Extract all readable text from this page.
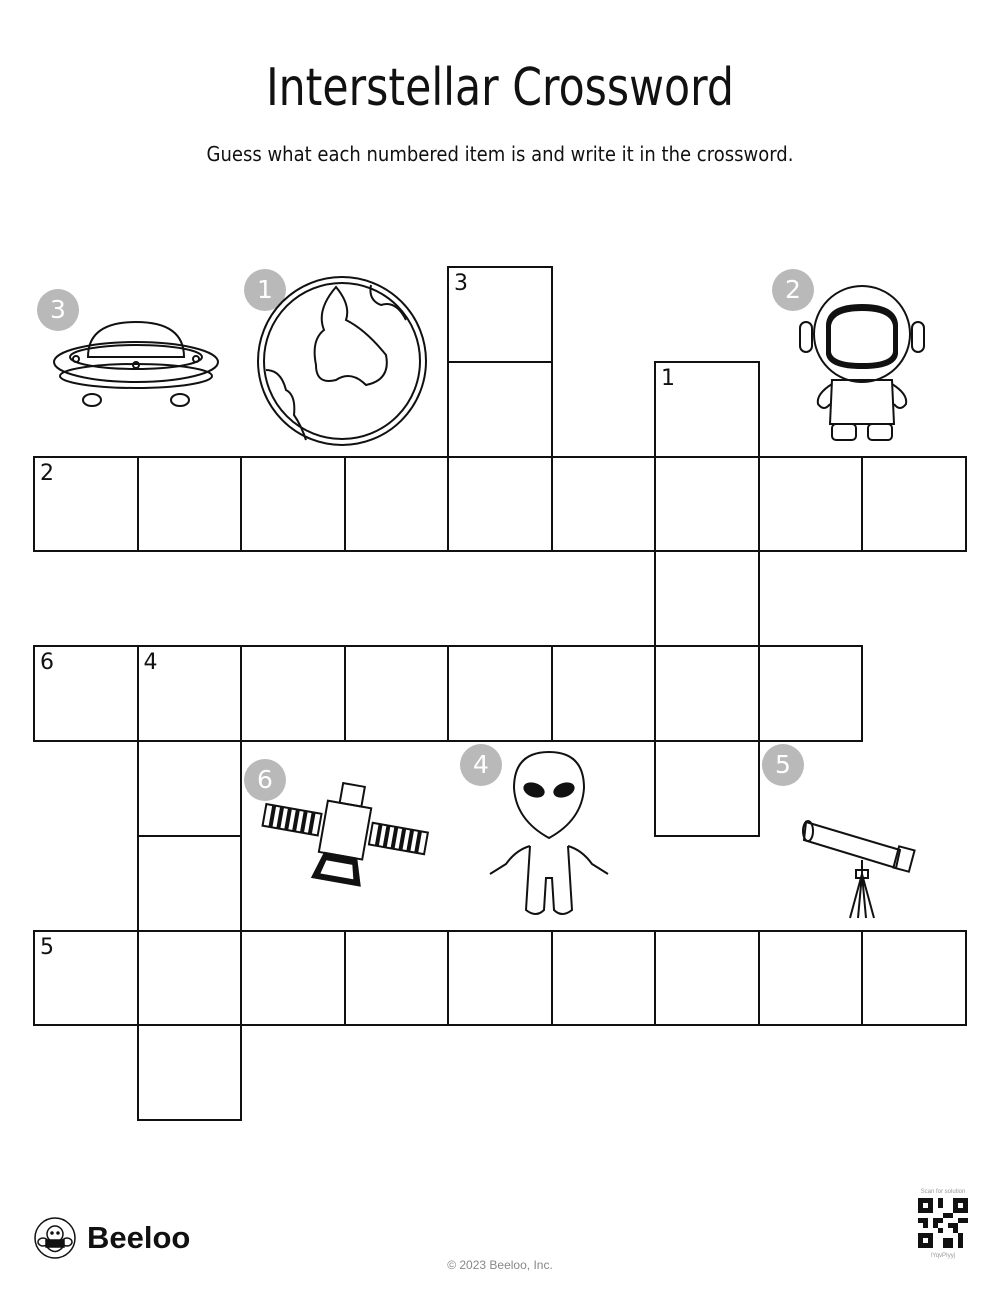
Interstellar Crossword
Guess what each numbered item is and write it in the crossword.
3
1
2
6	4
5
3
1	2
6
4	5
Beeloo
© 2023 Beeloo, Inc.
Scan for solution
lYqvPIyyj
